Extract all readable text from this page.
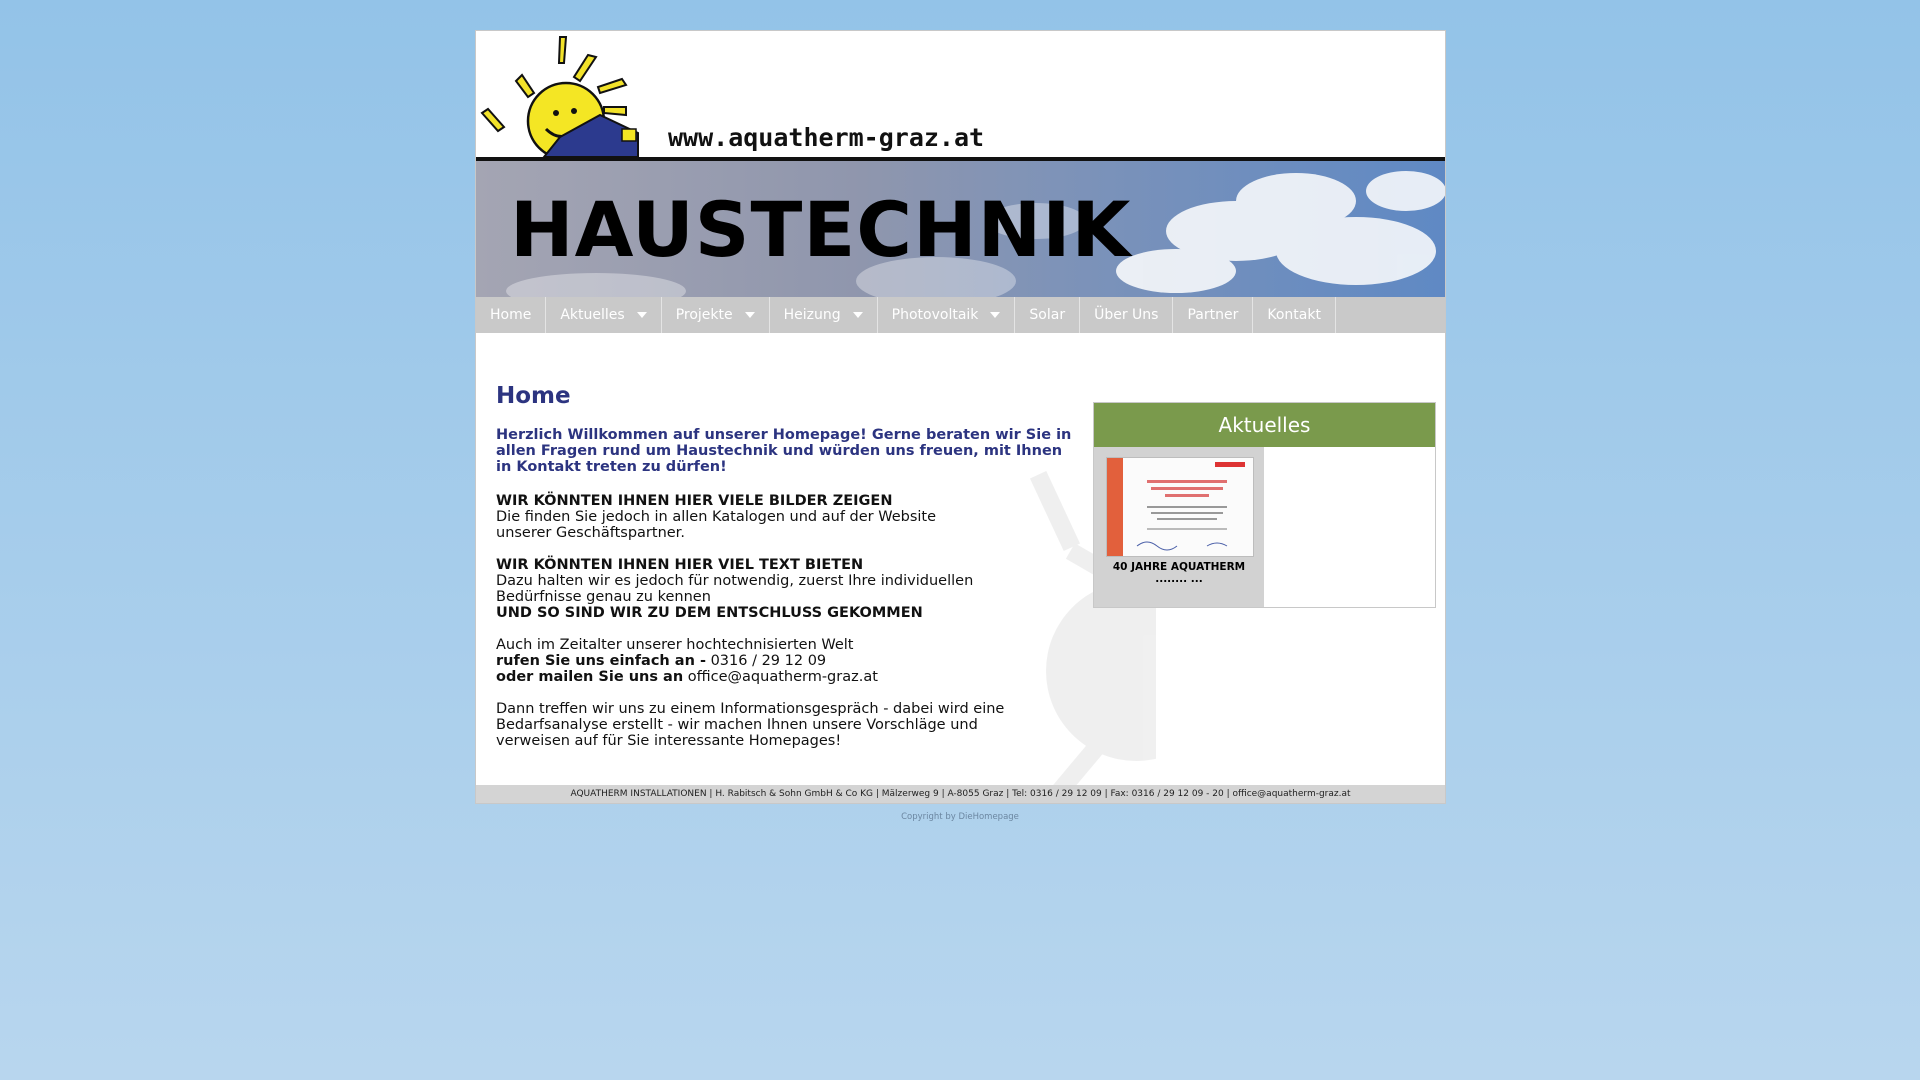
www.aquatherm-graz.at
HAUSTECHNIK
Home Aktuelles	Projekte	Heizung	Photovoltaik	Solar Über Uns Partner Kontakt
Home
Herzlich Willkommen auf unserer Homepage! Gerne beraten wir Sie in allen Fragen rund um Haustechnik und würden uns freuen, mit Ihnen in Kontakt treten zu dürfen!
WIR KÖNNTEN IHNEN HIER VIELE BILDER ZEIGEN
Die finden Sie jedoch in allen Katalogen und auf der Website
unserer Geschäftspartner.
WIR KÖNNTEN IHNEN HIER VIEL TEXT BIETEN
Dazu halten wir es jedoch für notwendig, zuerst Ihre individuellen
Bedürfnisse genau zu kennen
UND SO SIND WIR ZU DEM ENTSCHLUSS GEKOMMEN
Auch im Zeitalter unserer hochtechnisierten Welt
rufen Sie uns einfach an - 0316 / 29 12 09
oder mailen Sie uns an office@aquatherm-graz.at
Dann treffen wir uns zu einem Informationsgespräch - dabei wird eine
Bedarfsanalyse erstellt - wir machen Ihnen unsere Vorschläge und
verweisen auf für Sie interessante Homepages!
Aktuelles
40 JAHRE AQUATHERM
........ ...
AQUATHERM INSTALLATIONEN | H. Rabitsch & Sohn GmbH & Co KG | Mälzerweg 9 | A-8055 Graz | Tel: 0316 / 29 12 09 | Fax: 0316 / 29 12 09 - 20 | office@aquatherm-graz.at
Copyright by DieHomepage
